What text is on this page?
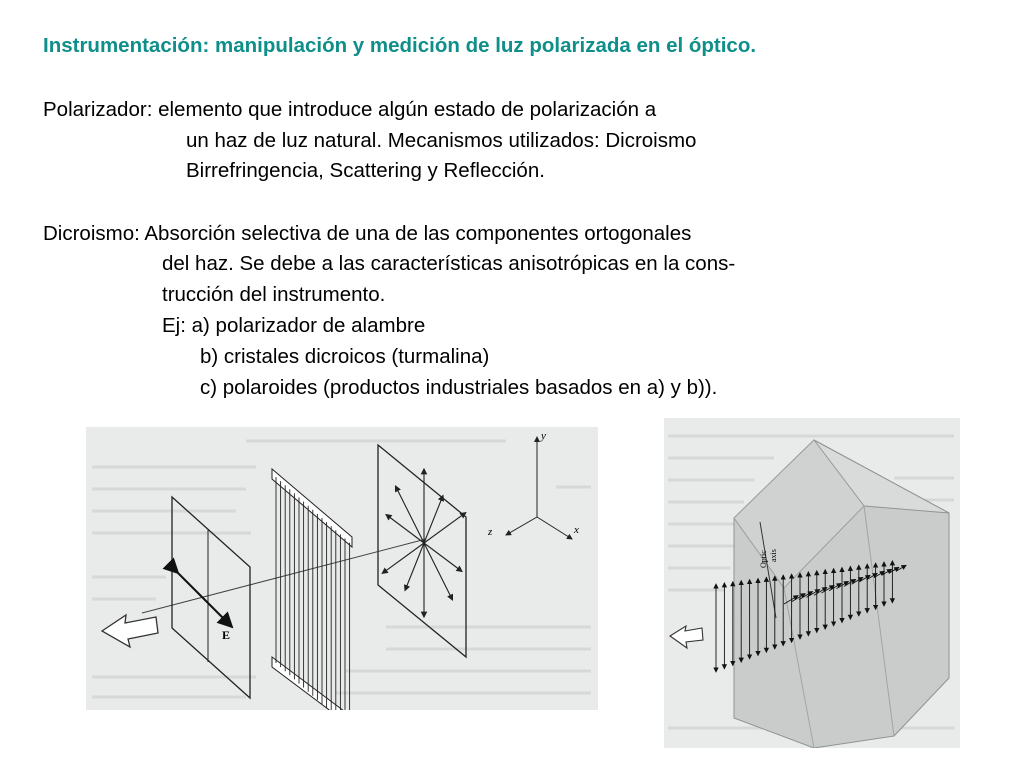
Instrumentación: manipulación y medición de luz polarizada en el óptico.
Polarizador: elemento que introduce algún estado de polarización a
un haz de luz natural. Mecanismos utilizados: Dicroismo
Birrefringencia, Scattering y Reflección.
Dicroismo: Absorción selectiva de una de las componentes ortogonales
del haz. Se debe a las características anisotrópicas en la cons-
trucción del instrumento.
Ej: a) polarizador de alambre
b) cristales dicroicos (turmalina)
c) polaroides (productos industriales basados en a) y b)).
E
y
x
z
Optic axis
